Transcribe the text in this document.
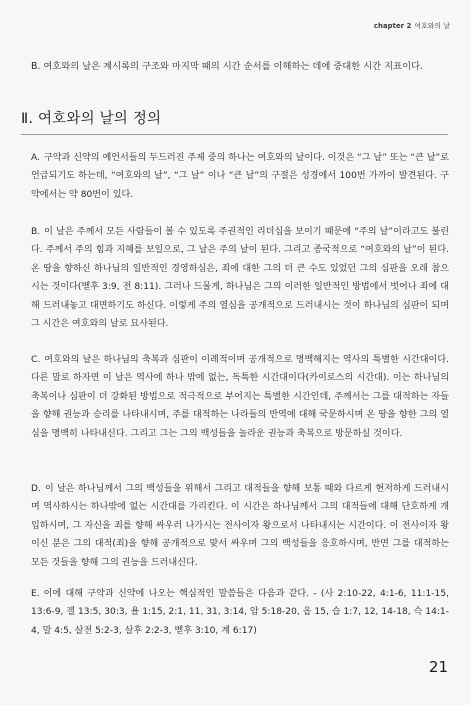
chapter 2 여호와의 날
B. 여호와의 날은 계시록의 구조와 마지막 때의 시간 순서를 이해하는 데에 중대한 시간 지표이다.
Ⅱ. 여호와의 날의 정의
A. 구약과 신약의 예언서들의 두드러진 주제 중의 하나는 여호와의 날이다. 이것은 “그 날” 또는 “큰 날”로 언급되기도 하는데, “여호와의 날”, “그 날” 이나 “큰 날”의 구절은 성경에서 100번 가까이 발견된다. 구약에서는 약 80번이 있다.
B. 이 날은 주께서 모든 사람들이 볼 수 있도록 주권적인 리더십을 보이기 때문에 “주의 날”이라고도 불린다. 주께서 주의 힘과 지혜를 보일으로, 그 날은 주의 날이 된다. 그리고 종국적으로 “여호와의 날”이 된다. 온 땅을 향하신 하나님의 일반적인 경영하심은, 죄에 대한 그의 더 큰 수도 있었던 그의 심판을 오래 참으시는 것이다(벧후 3:9, 전 8:11). 그러나 드물게, 하나님은 그의 이러한 일반적인 방법에서 벗어나 죄에 대해 드러내놓고 대면하기도 하신다. 이렇게 주의 열심을 공개적으로 드러내시는 것이 하나님의 심판이 되며 그 시간은 여호와의 날로 묘사된다.
C. 여호와의 날은 하나님의 축복과 심판이 이례적이며 공개적으로 명백해지는 역사의 특별한 시간대이다. 다른 말로 하자면 이 날은 역사에 하나 밖에 없는, 독특한 시간대이다(카이로스의 시간대). 이는 하나님의 축복이나 심판이 더 강화된 방법으로 적극적으로 부어지는 특별한 시간인데, 주께서는 그를 대적하는 자들을 향해 권능과 승리를 나타내시며, 주를 대적하는 나라들의 반역에 대해 국문하시며 온 땅을 향한 그의 열심을 명백히 나타내신다. 그리고 그는 그의 백성들을 놀라운 권능과 축복으로 방문하실 것이다.
D. 이 날은 하나님께서 그의 백성들을 위해서 그리고 대적들을 향해 보통 때와 다르게 현저하게 드러내시며 역사하시는 하나밖에 없는 시간대를 가리킨다. 이 시간은 하나님께서 그의 대적들에 대해 단호하게 개입하시며, 그 자신을 죄를 향해 싸우러 나가시는 전사이자 왕으로서 나타내시는 시간이다. 이 전사이자 왕이신 분은 그의 대적(죄)을 향해 공개적으로 맞서 싸우며 그의 백성들을 응호하시며, 반면 그를 대적하는 모든 것들을 향해 그의 권능을 드러내신다.
E. 이에 대해 구약과 신약에 나오는 핵심적인 말씀들은 다음과 같다. - (사 2:10-22, 4:1-6, 11:1-15, 13:6-9, 겔 13:5, 30:3, 욜 1:15, 2:1, 11, 31, 3:14, 암 5:18-20, 옵 15, 습 1:7, 12, 14-18, 슥 14:1-4, 말 4:5, 살전 5:2-3, 살후 2:2-3, 벧후 3:10, 계 6:17)
21
